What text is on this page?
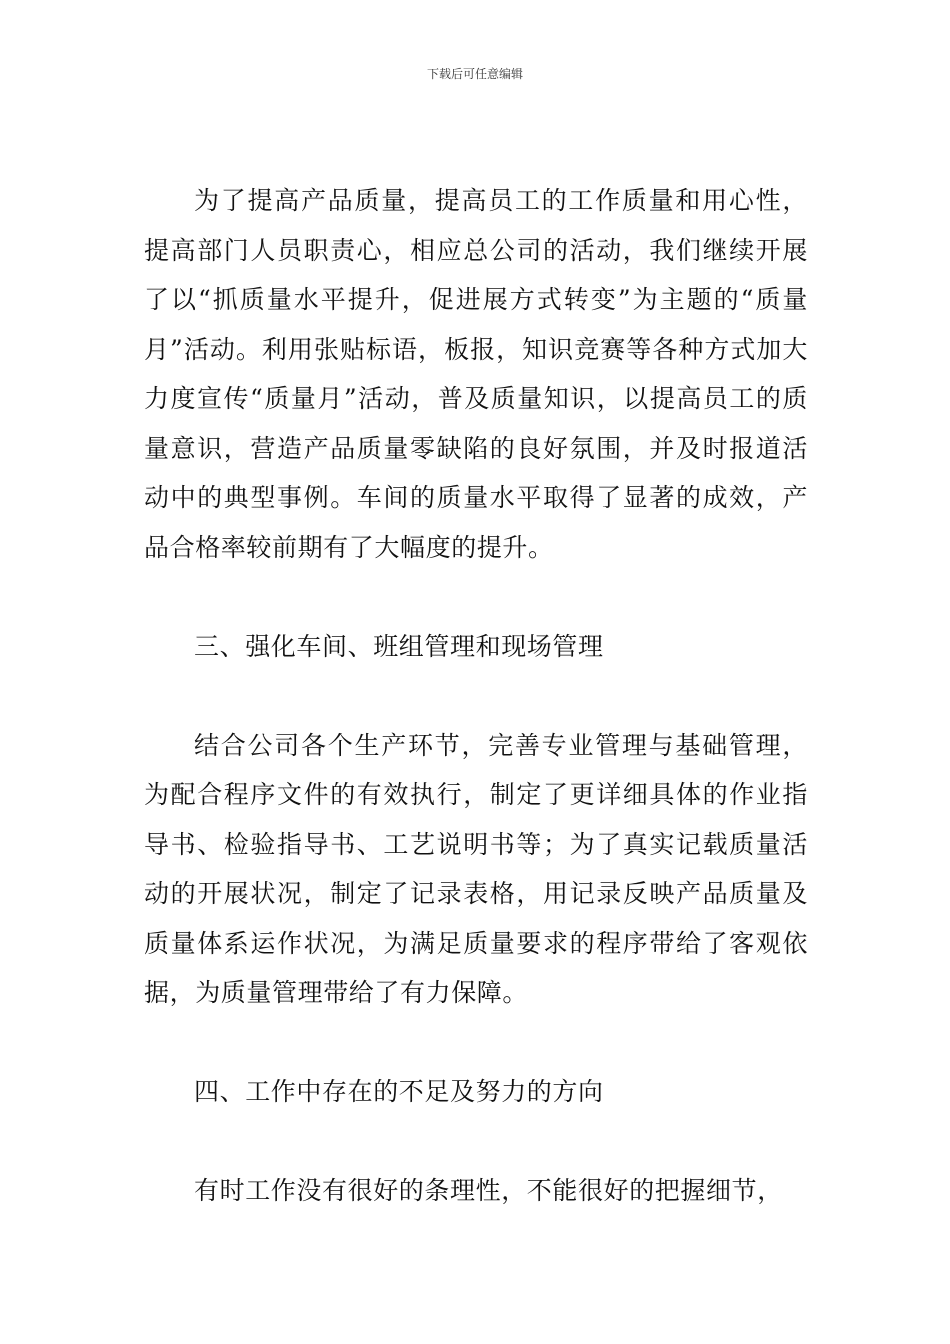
下载后可任意编辑

为了提高产品质量，提高员工的工作质量和用心性，提高部门人员职责心，相应总公司的活动，我们继续开展了以“抓质量水平提升，促进展方式转变”为主题的“质量月”活动。利用张贴标语，板报，知识竞赛等各种方式加大力度宣传“质量月”活动，普及质量知识，以提高员工的质量意识，营造产品质量零缺陷的良好氛围，并及时报道活动中的典型事例。车间的质量水平取得了显著的成效，产品合格率较前期有了大幅度的提升。

三、强化车间、班组管理和现场管理

结合公司各个生产环节，完善专业管理与基础管理，为配合程序文件的有效执行，制定了更详细具体的作业指导书、检验指导书、工艺说明书等；为了真实记载质量活动的开展状况，制定了记录表格，用记录反映产品质量及质量体系运作状况，为满足质量要求的程序带给了客观依据，为质量管理带给了有力保障。

四、工作中存在的不足及努力的方向

有时工作没有很好的条理性，不能很好的把握细节，
